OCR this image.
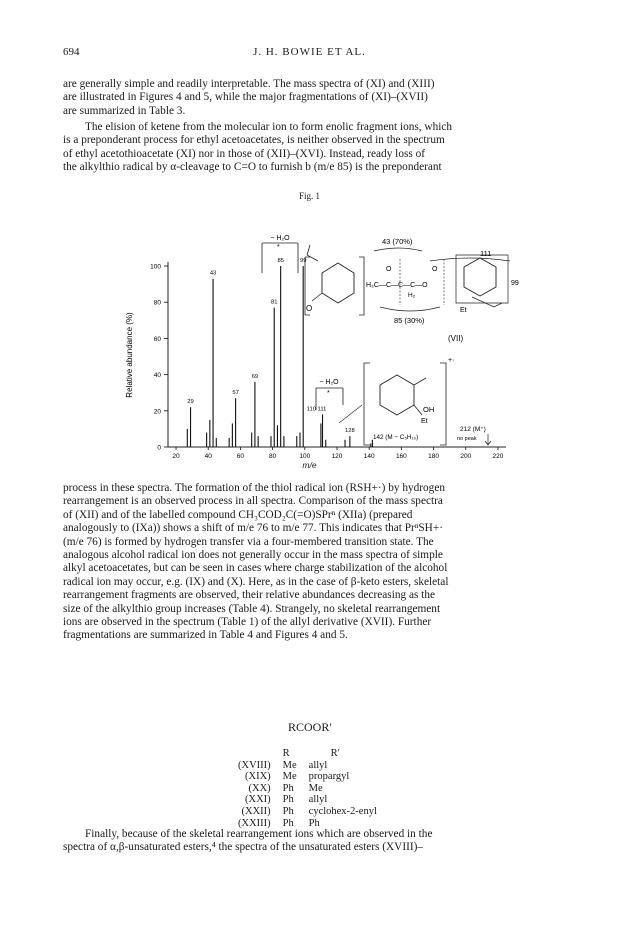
694	J. H. BOWIE ET AL.
are generally simple and readily interpretable. The mass spectra of (XI) and (XIII)
are illustrated in Figures 4 and 5, while the major fragmentations of (XI)–(XVII)
are summarized in Table 3.
The elision of ketene from the molecular ion to form enolic fragment ions, which
is a preponderant process for ethyl acetoacetates, is neither observed in the spectrum
of ethyl acetothioacetate (XI) nor in those of (XII)–(XVI). Instead, ready loss of
the alkylthio radical by α-cleavage to C=O to furnish b (m/e 85) is the preponderant
Fig. 1
0
20
40
60
80
100
20	40	60	80	100	120	140	160	180	200	220
29
43
57
69
81
85	99
110 111
128
Relative abundance (%)
− H₂O
*
O
43 (70%)
111
O	O
H₃C—C—C—C—O
H₂
99
Et
85 (30%)
(VII)
+·
OH
Et
− H₂O
*
142 (M − C₅H₁₀)
212 (M⁺)
no peak
m/e
process in these spectra. The formation of the thiol radical ion (RSH+·) by hydrogen
rearrangement is an observed process in all spectra. Comparison of the mass spectra
of (XII) and of the labelled compound CH₃COD₂C(=O)SPrⁿ (XIIa) (prepared
analogously to (IXa)) shows a shift of m/e 76 to m/e 77. This indicates that PrⁿSH+·
(m/e 76) is formed by hydrogen transfer via a four-membered transition state. The
analogous alcohol radical ion does not generally occur in the mass spectra of simple
alkyl acetoacetates, but can be seen in cases where charge stabilization of the alcohol
radical ion may occur, e.g. (IX) and (X). Here, as in the case of β-keto esters, skeletal
rearrangement fragments are observed, their relative abundances decreasing as the
size of the alkylthio group increases (Table 4). Strangely, no skeletal rearrangement
ions are observed in the spectrum (Table 1) of the allyl derivative (XVII). Further
fragmentations are summarized in Table 4 and Figures 4 and 5.
RCOOR′
	R	R′
(XVIII)	Me	allyl
(XIX)	Me	propargyl
(XX)	Ph	Me
(XXI)	Ph	allyl
(XXII)	Ph	cyclohex-2-enyl
(XXIII)	Ph	Ph
Finally, because of the skeletal rearrangement ions which are observed in the
spectra of α,β-unsaturated esters,⁴ the spectra of the unsaturated esters (XVIII)–
